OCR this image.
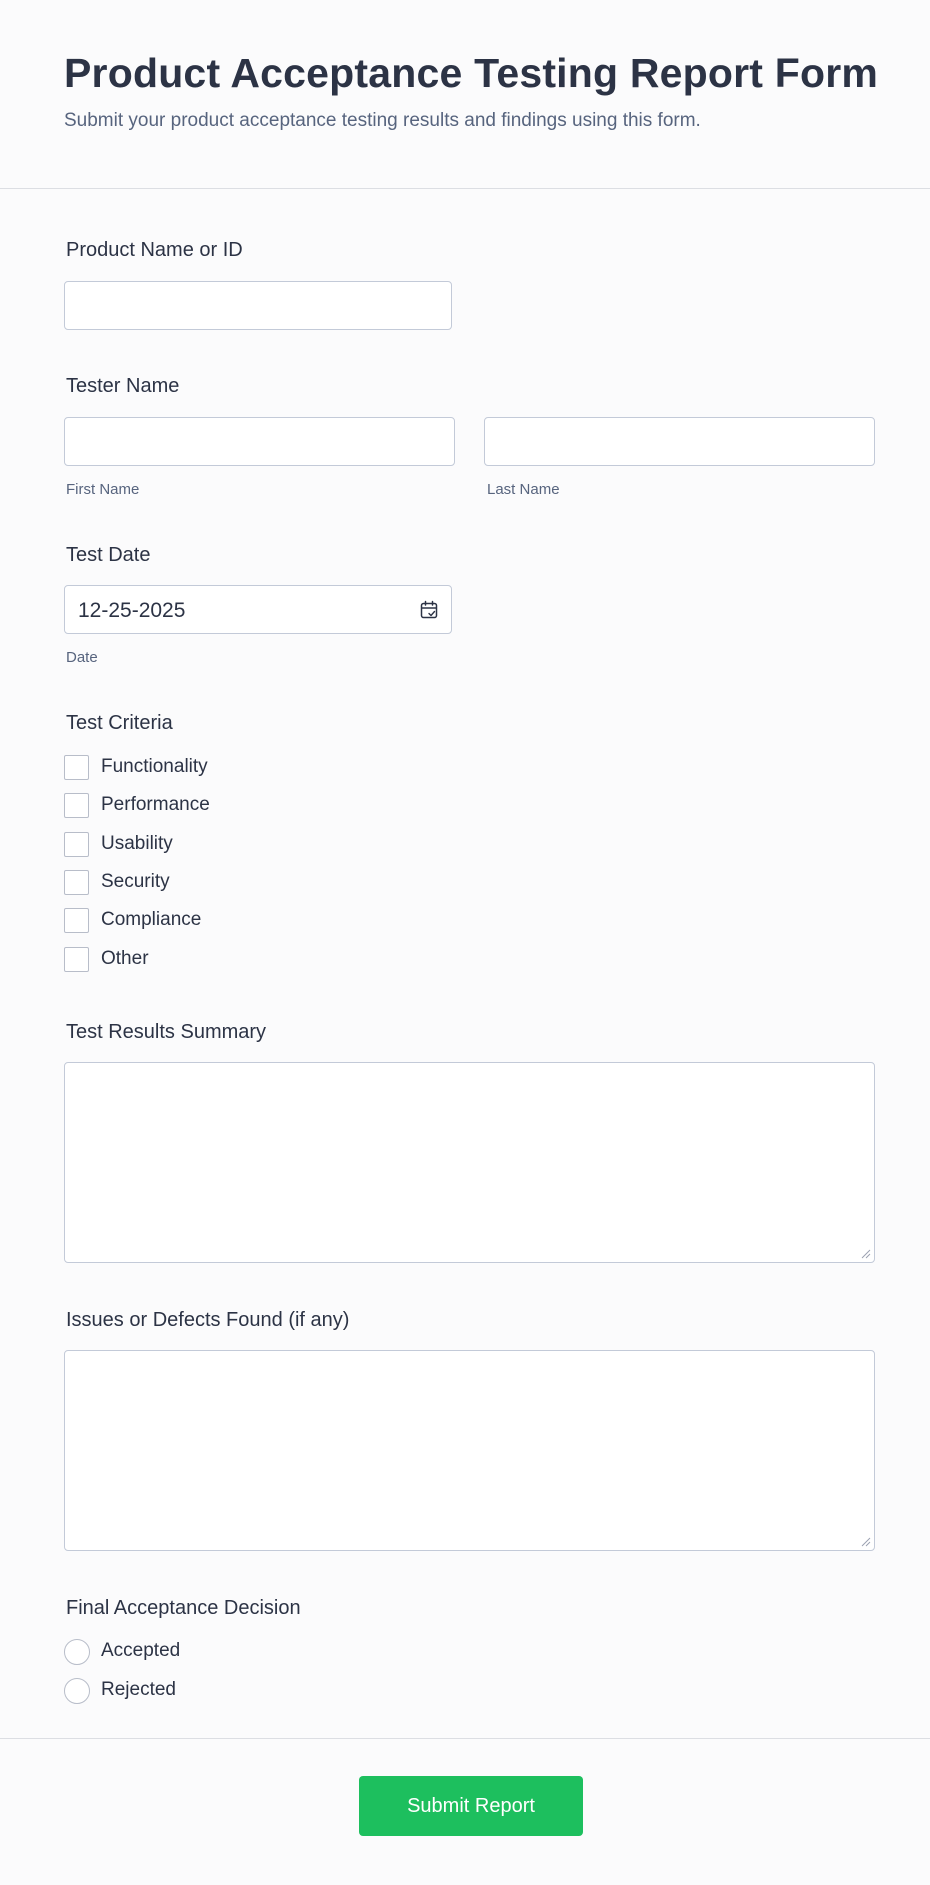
Product Acceptance Testing Report Form
Submit your product acceptance testing results and findings using this form.
Product Name or ID
Tester Name
First Name	Last Name
Test Date
12-25-2025
Date
Test Criteria
Functionality
Performance
Usability
Security
Compliance
Other
Test Results Summary
Issues or Defects Found (if any)
Final Acceptance Decision
Accepted
Rejected
Submit Report
